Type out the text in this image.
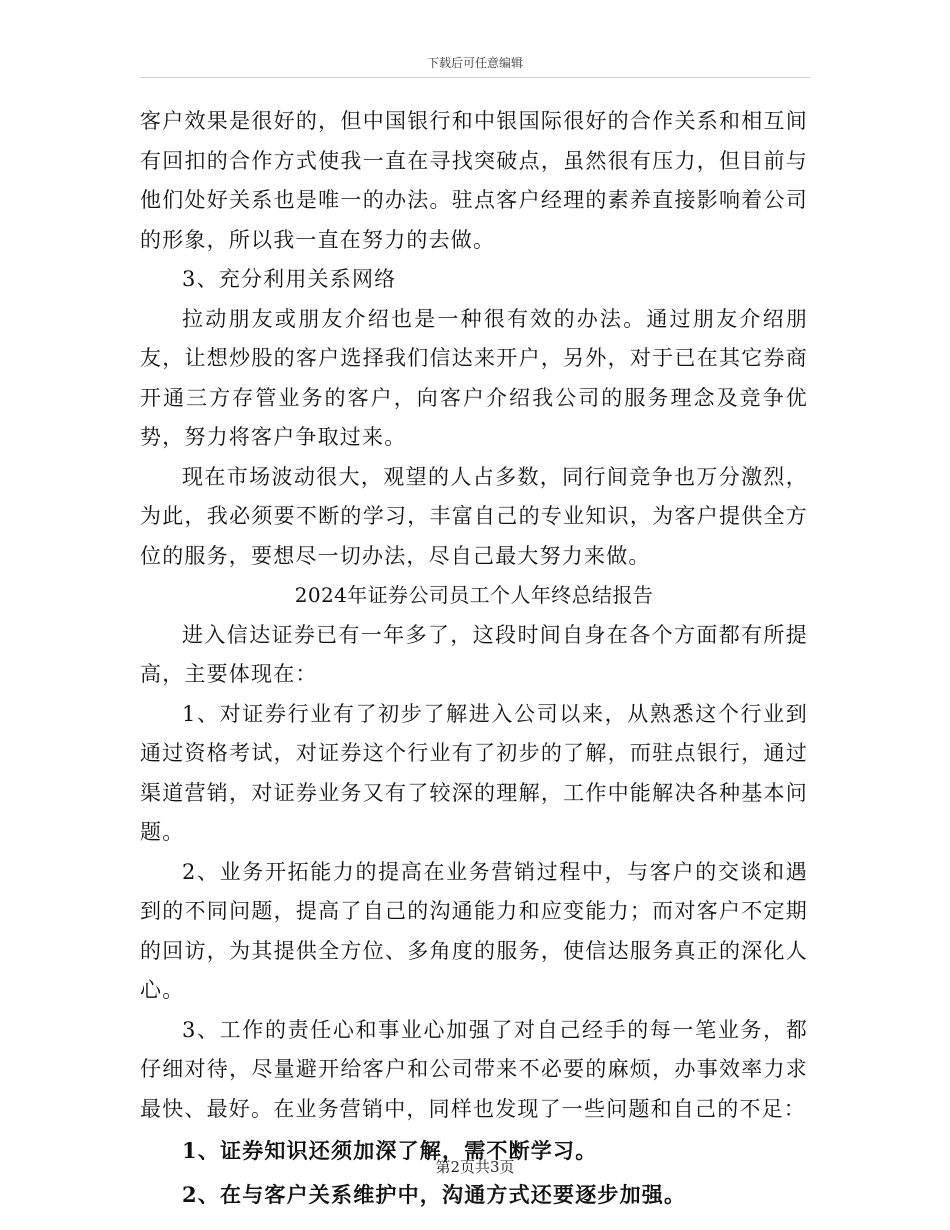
下载后可任意编辑

客户效果是很好的，但中国银行和中银国际很好的合作关系和相互间有回扣的合作方式使我一直在寻找突破点，虽然很有压力，但目前与他们处好关系也是唯一的办法。驻点客户经理的素养直接影响着公司的形象，所以我一直在努力的去做。

3、充分利用关系网络

拉动朋友或朋友介绍也是一种很有效的办法。通过朋友介绍朋友，让想炒股的客户选择我们信达来开户，另外，对于已在其它券商开通三方存管业务的客户，向客户介绍我公司的服务理念及竞争优势，努力将客户争取过来。

现在市场波动很大，观望的人占多数，同行间竞争也万分激烈，为此，我必须要不断的学习，丰富自己的专业知识，为客户提供全方位的服务，要想尽一切办法，尽自己最大努力来做。

2024年证券公司员工个人年终总结报告

进入信达证券已有一年多了，这段时间自身在各个方面都有所提高，主要体现在：

1、对证券行业有了初步了解进入公司以来，从熟悉这个行业到通过资格考试，对证券这个行业有了初步的了解，而驻点银行，通过渠道营销，对证券业务又有了较深的理解，工作中能解决各种基本问题。

2、业务开拓能力的提高在业务营销过程中，与客户的交谈和遇到的不同问题，提高了自己的沟通能力和应变能力；而对客户不定期的回访，为其提供全方位、多角度的服务，使信达服务真正的深化人心。

3、工作的责任心和事业心加强了对自己经手的每一笔业务，都仔细对待，尽量避开给客户和公司带来不必要的麻烦，办事效率力求最快、最好。在业务营销中，同样也发现了一些问题和自己的不足：

1、证券知识还须加深了解，需不断学习。

2、在与客户关系维护中，沟通方式还要逐步加强。

第2页共3页
